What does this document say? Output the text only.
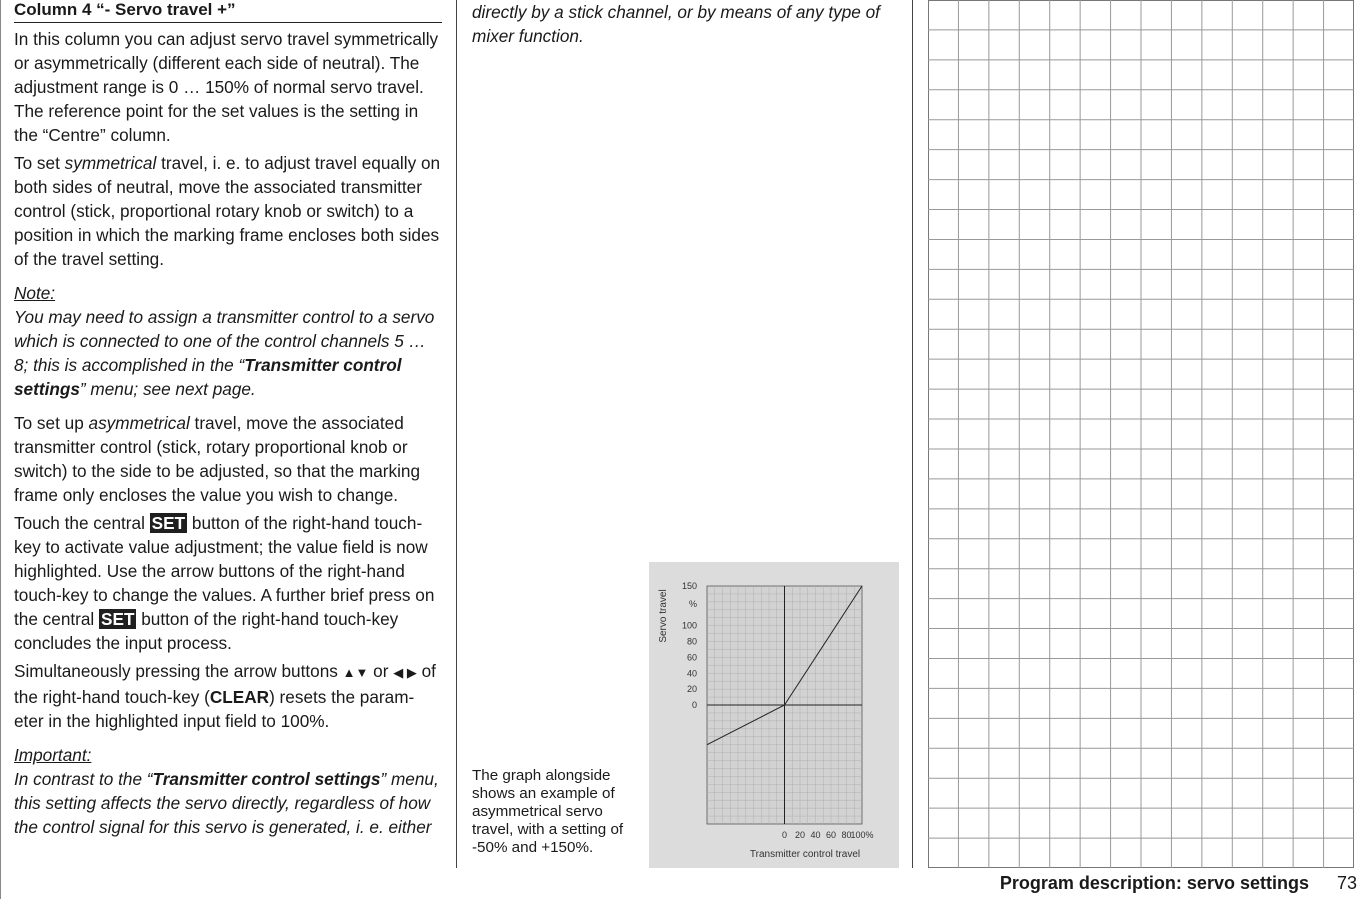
Column 4 “- Servo travel +”

In this column you can adjust servo travel symmetrically or asymmetrically (different each side of neutral). The adjustment range is 0 … 150% of normal servo travel. The reference point for the set values is the setting in the “Centre” column.

To set symmetrical travel, i. e. to adjust travel equally on both sides of neutral, move the associated transmitter control (stick, proportional rotary knob or switch) to a position in which the marking frame encloses both sides of the travel setting.

Note:
You may need to assign a transmitter control to a servo which is connected to one of the control channels 5 … 8; this is accomplished in the “Transmitter control settings” menu; see next page.

To set up asymmetrical travel, move the associated transmitter control (stick, rotary proportional knob or switch) to the side to be adjusted, so that the marking frame only encloses the value you wish to change.

Touch the central SET button of the right-hand touch-key to activate value adjustment; the value field is now highlighted. Use the arrow buttons of the right-hand touch-key to change the values. A further brief press on the central SET button of the right-hand touch-key concludes the input process.

Simultaneously pressing the arrow buttons ▲▼ or ◀ ▶ of the right-hand touch-key (CLEAR) resets the param-eter in the highlighted input field to 100%.

Important:
In contrast to the “Transmitter control settings” menu, this setting affects the servo directly, regardless of how the control signal for this servo is generated, i. e. either

directly by a stick channel, or by means of any type of mixer function.

The graph alongside shows an example of asymmetrical servo travel, with a setting of -50% and +150%.
150
%
100
80
60
40
20
0
0 20 40 60 80
100%
Servo travel
Transmitter control travel
Program description: servo settings 73
